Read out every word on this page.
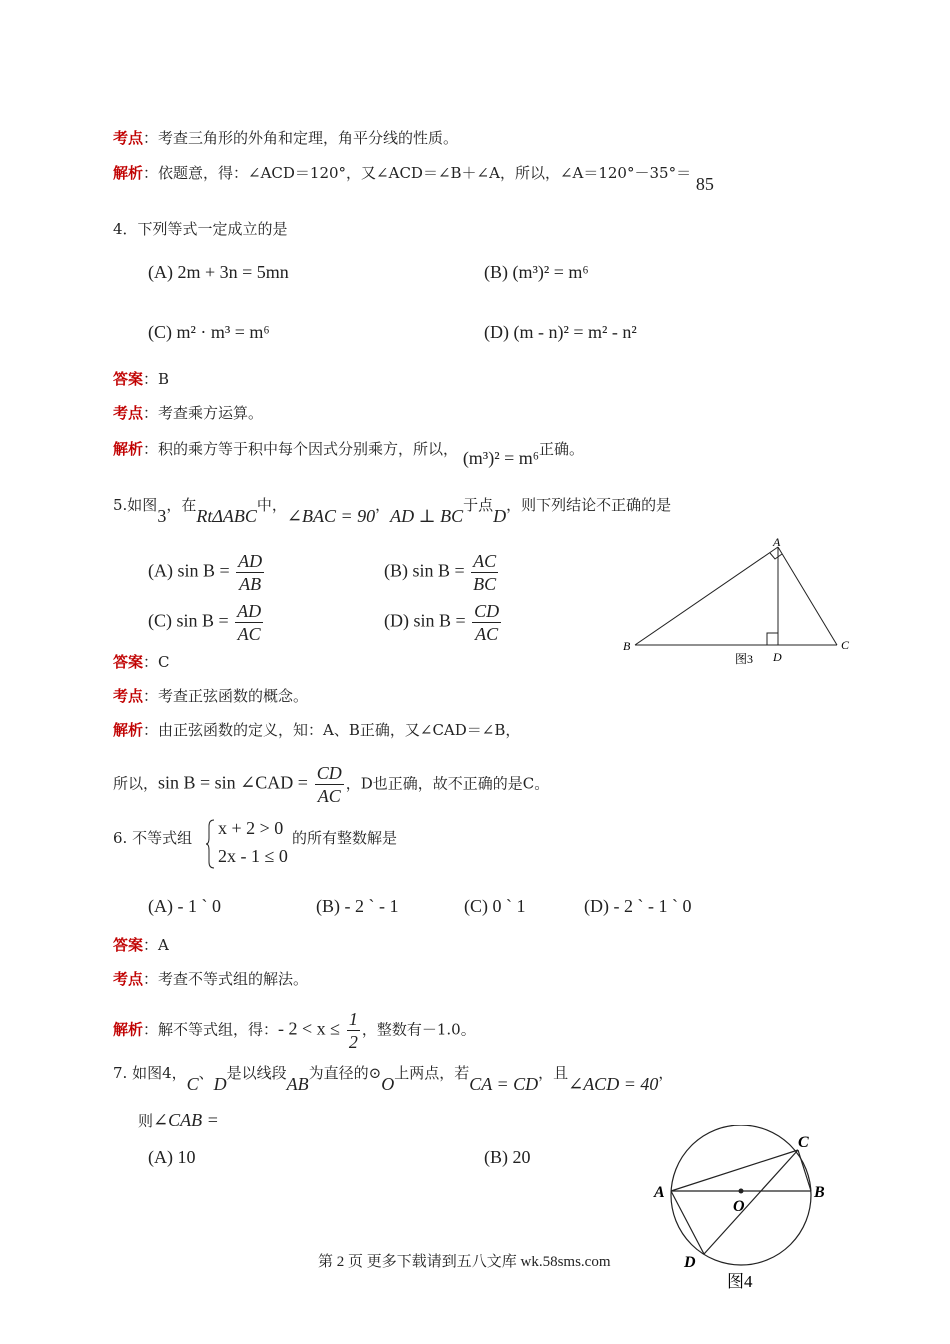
考点：考查三角形的外角和定理，角平分线的性质。
解析：依题意，得：∠ACD＝120°，又∠ACD＝∠B＋∠A，所以，∠A＝120°－35°＝ 85
4．下列等式一定成立的是
(A) 2m + 3n = 5mn	(B) (m³)² = m⁶
(C) m² · m³ = m⁶	(D) (m - n)² = m² - n²
答案：B
考点：考查乘方运算。
解析：积的乘方等于积中每个因式分别乘方，所以， (m³)² = m⁶正确。
5.如图3，在RtΔABC中，∠BAC = 90，AD ⊥ BC于点D，则下列结论不正确的是
(A) $\sin B = \frac{AD}{AB}$	(B) $\sin B = \frac{AC}{BC}$
(C) $\sin B = \frac{AD}{AC}$	(D) $\sin B = \frac{CD}{AC}$
A
B	C
D
图3
答案：C
考点：考查正弦函数的概念。
解析：由正弦函数的定义，知：A、B正确，又∠CAD＝∠B，
所以，sin B = sin ∠CAD = $\frac{CD}{AC}$ ，D也正确，故不正确的是C。
6. 不等式组 x + 2 > 0
2x - 1 ≤ 0
的所有整数解是
(A) - 1 ` 0	(B) - 2 ` - 1	(C) 0 ` 1	(D) - 2 ` - 1 ` 0
答案：A
考点：考查不等式组的解法。
解析：解不等式组，得：- $2 < x \le \frac{1}{2}$ ，整数有－1.0。
7. 如图4，C、D是以线段AB为直径的⊙O上两点，若CA = CD，且∠ACD = 40，
则∠CAB =
(A) 10	(B) 20
A	B
C
D
O
图4
第 2 页 更多下载请到五八文库 wk.58sms.com
